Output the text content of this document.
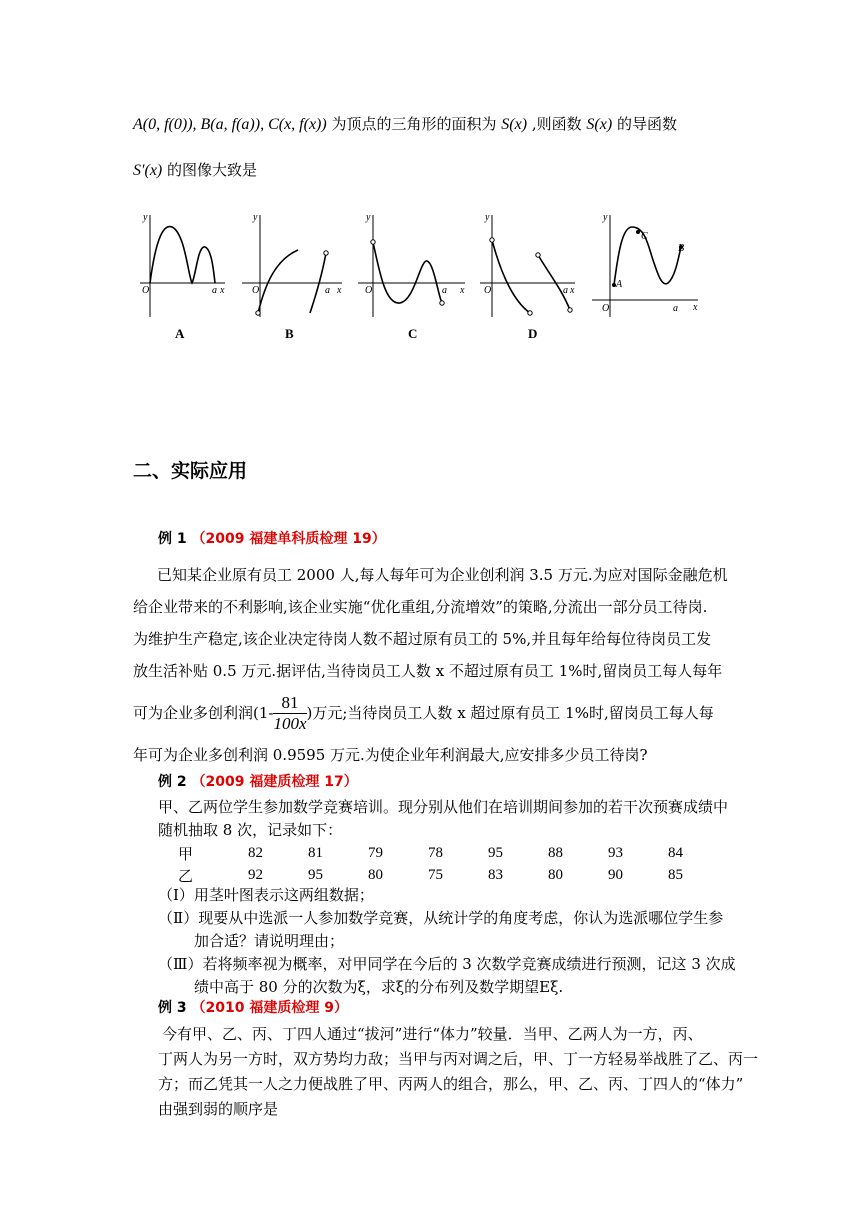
A(0, f(0)), B(a, f(a)), C(x, f(x)) 为顶点的三角形的面积为 S(x) ,则函数 S(x) 的导函数
S′(x) 的图像大致是
y
x
O	a
y
x
O	a
y
x
O	a
y
x
O	a
y
x
O	a
A
C
B
A	B	C	D
二、实际应用
例 1 （2009 福建单科质检理 19）
已知某企业原有员工 2000 人,每人每年可为企业创利润 3.5 万元.为应对国际金融危机
给企业带来的不利影响,该企业实施“优化重组,分流增效”的策略,分流出一部分员工待岗.
为维护生产稳定,该企业决定待岗人数不超过原有员工的 5%,并且每年给每位待岗员工发
放生活补贴 0.5 万元.据评估,当待岗员工人数 x 不超过原有员工 1%时,留岗员工每人每年
可为企业多创利润($1- \frac{81}{100x}$ )万元;当待岗员工人数 x 超过原有员工 1%时,留岗员工每人每
年可为企业多创利润 0.9595 万元.为使企业年利润最大,应安排多少员工待岗?
例 2 （2009 福建质检理 17）
甲、乙两位学生参加数学竞赛培训。现分别从他们在培训期间参加的若干次预赛成绩中
随机抽取 8 次，记录如下：
甲	82	81	79	78	95	88	93	84
乙	92	95	80	75	83	80	90	85
（Ⅰ）用茎叶图表示这两组数据；
（Ⅱ）现要从中选派一人参加数学竞赛，从统计学的角度考虑，你认为选派哪位学生参
加合适？请说明理由；
（Ⅲ）若将频率视为概率，对甲同学在今后的 3 次数学竞赛成绩进行预测，记这 3 次成
绩中高于 80 分的次数为ξ，求ξ的分布列及数学期望Eξ.
例 3 （2010 福建质检理 9）
今有甲、乙、丙、丁四人通过“拔河”进行“体力”较量．当甲、乙两人为一方，丙、
丁两人为另一方时，双方势均力敌；当甲与丙对调之后，甲、丁一方轻易举战胜了乙、丙一
方；而乙凭其一人之力便战胜了甲、丙两人的组合，那么，甲、乙、丙、丁四人的“体力”
由强到弱的顺序是
